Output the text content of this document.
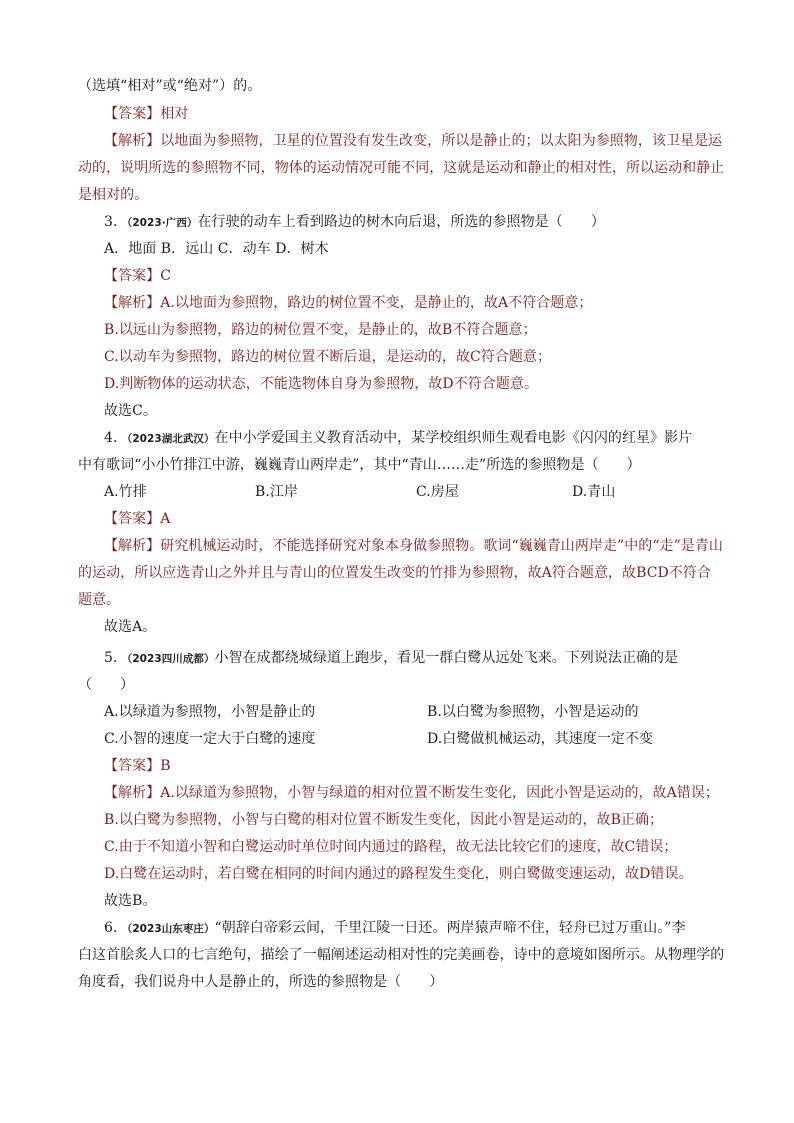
（选填“相对”或“绝对”）的。
【答案】相对
【解析】以地面为参照物，卫星的位置没有发生改变，所以是静止的；以太阳为参照物，该卫星是运
动的，说明所选的参照物不同，物体的运动情况可能不同，这就是运动和静止的相对性，所以运动和静止
是相对的。
3．（2023·广西）在行驶的动车上看到路边的树木向后退，所选的参照物是（　　）
A．地面 B．远山 C．动车 D．树木
【答案】C
【解析】A.以地面为参照物，路边的树位置不变，是静止的，故A不符合题意；
B.以远山为参照物，路边的树位置不变，是静止的，故B不符合题意；
C.以动车为参照物，路边的树位置不断后退，是运动的，故C符合题意；
D.判断物体的运动状态，不能选物体自身为参照物，故D不符合题意。
故选C。
4．（2023湖北武汉）在中小学爱国主义教育活动中，某学校组织师生观看电影《闪闪的红星》影片
中有歌词“小小竹排江中游，巍巍青山两岸走”，其中“青山……走”所选的参照物是（　　）
A.竹排	B.江岸	C.房屋	D.青山
【答案】A
【解析】研究机械运动时，不能选择研究对象本身做参照物。歌词“巍巍青山两岸走”中的“走”是青山
的运动，所以应选青山之外并且与青山的位置发生改变的竹排为参照物，故A符合题意，故BCD不符合
题意。
故选A。
5．（2023四川成都）小智在成都绕城绿道上跑步，看见一群白鹭从远处飞来。下列说法正确的是
（　　）
A.以绿道为参照物，小智是静止的	B.以白鹭为参照物，小智是运动的
C.小智的速度一定大于白鹭的速度	D.白鹭做机械运动，其速度一定不变
【答案】B
【解析】A.以绿道为参照物，小智与绿道的相对位置不断发生变化，因此小智是运动的，故A错误；
B.以白鹭为参照物，小智与白鹭的相对位置不断发生变化，因此小智是运动的，故B正确；
C.由于不知道小智和白鹭运动时单位时间内通过的路程，故无法比较它们的速度，故C错误；
D.白鹭在运动时，若白鹭在相同的时间内通过的路程发生变化，则白鹭做变速运动，故D错误。
故选B。
6．（2023山东枣庄）“朝辞白帝彩云间，千里江陵一日还。两岸猿声啼不住，轻舟已过万重山。”李
白这首脍炙人口的七言绝句，描绘了一幅阐述运动相对性的完美画卷，诗中的意境如图所示。从物理学的
角度看，我们说舟中人是静止的，所选的参照物是（　　）
